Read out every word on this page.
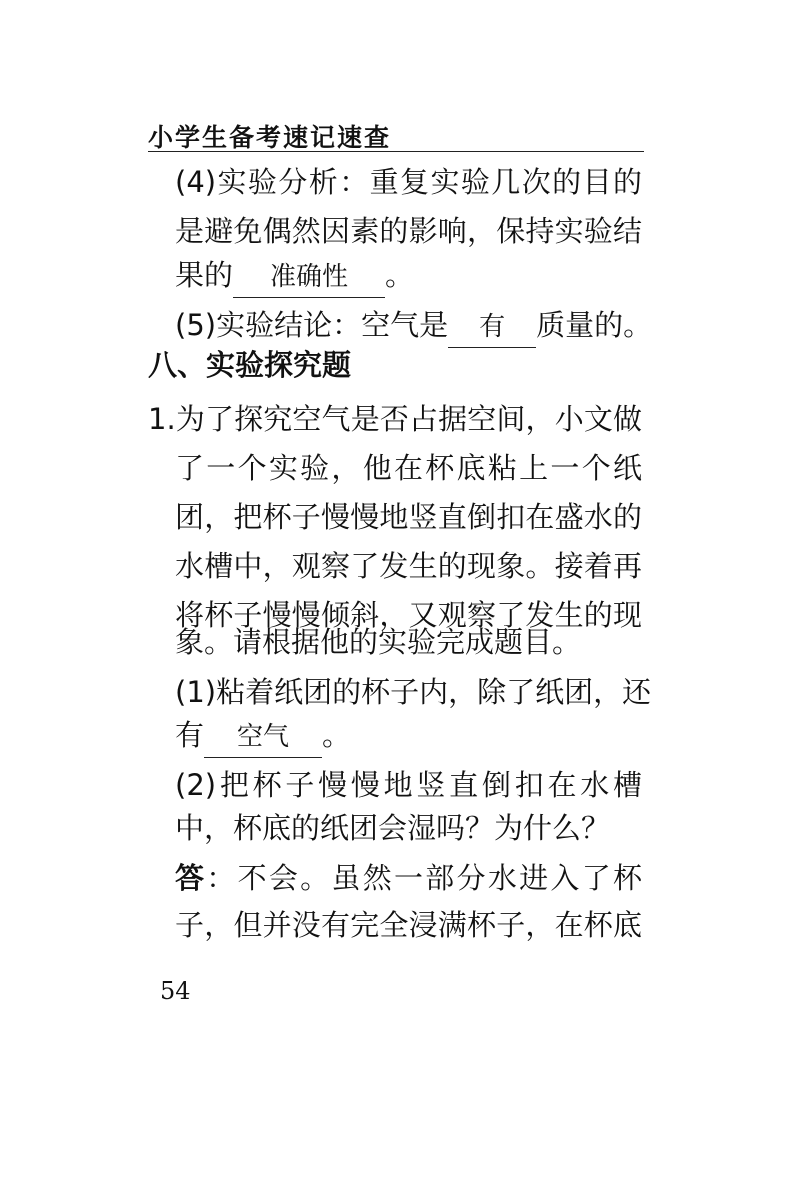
小学生备考速记速查
(4)实验分析：重复实验几次的目的
是避免偶然因素的影响，保持实验结
果的 准确性 。
(5)实验结论：空气是 有 质量的。
八、实验探究题
1.为了探究空气是否占据空间，小文做
了一个实验，他在杯底粘上一个纸
团，把杯子慢慢地竖直倒扣在盛水的
水槽中，观察了发生的现象。接着再
将杯子慢慢倾斜，又观察了发生的现
象。请根据他的实验完成题目。
(1)粘着纸团的杯子内，除了纸团，还
有 空气 。
(2)把杯子慢慢地竖直倒扣在水槽
中，杯底的纸团会湿吗？为什么？
答：不会。虽然一部分水进入了杯
子，但并没有完全浸满杯子，在杯底
54
